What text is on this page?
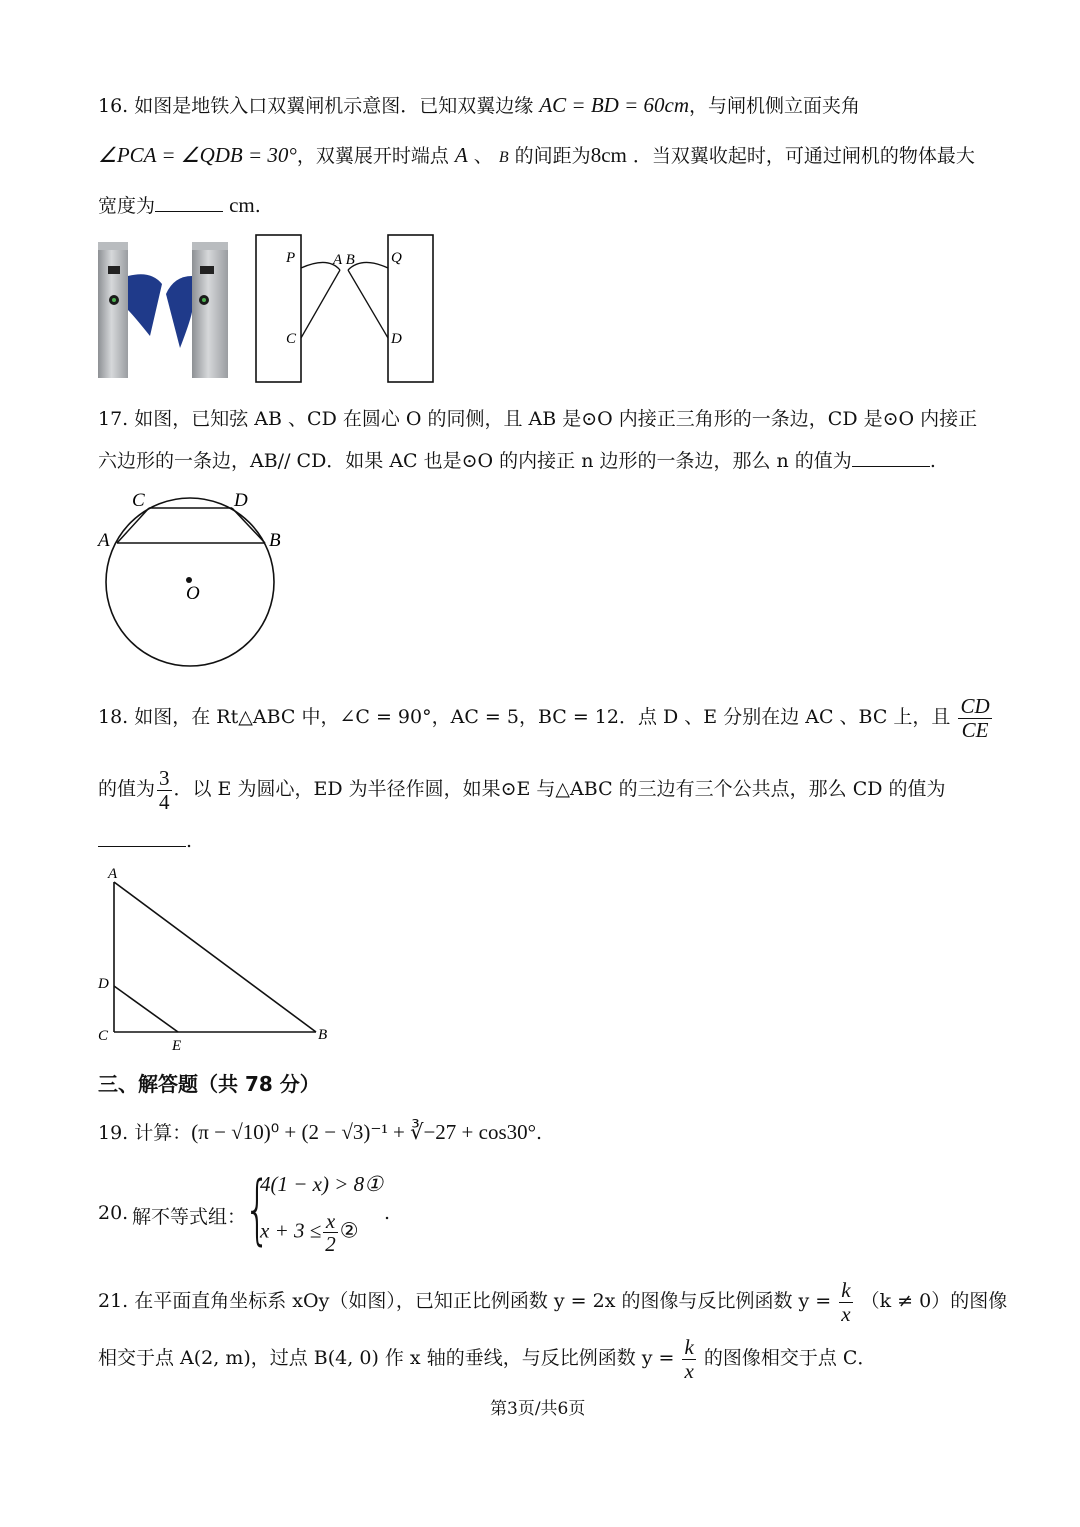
16. 如图是地铁入口双翼闸机示意图．已知双翼边缘 AC = BD = 60cm，与闸机侧立面夹角
∠PCA = ∠QDB = 30°，双翼展开时端点 A 、 B 的间距为8cm ．当双翼收起时，可通过闸机的物体最大
宽度为	cm.
P	A B Q
C	D
17. 如图，已知弦 AB 、CD 在圆心 O 的同侧，且 AB 是⊙O 内接正三角形的一条边，CD 是⊙O 内接正
六边形的一条边，AB// CD．如果 AC 也是⊙O 的内接正 n 边形的一条边，那么 n 的值为	.
C	D
A	B
O
18. 如图，在 Rt△ABC 中，∠C = 90°，AC = 5，BC = 12．点 D 、E 分别在边 AC 、BC 上，且 $\frac{CD}{CE}$
的值为 $\frac{3}{4}$ ．以 E 为圆心，ED 为半径作圆，如果⊙E 与△ABC 的三边有三个公共点，那么 CD 的值为
.
A
D
C
E
B
三、解答题（共 78 分）
19. 计算：(π − √10)⁰ + (2 − √3)⁻¹ + ∛−27 + cos30°.
20. 解不等式组：
{
4(1 − x) > 8①
$x + 3 \le \frac{x}{2}$ ②
.
21. 在平面直角坐标系 xOy（如图），已知正比例函数 y = 2x 的图像与反比例函数 $y = \frac{k}{x} (k \ne 0)$的图像
相交于点 A(2, m)，过点 B(4, 0) 作 x 轴的垂线，与反比例函数 $y = \frac{k}{x}$ 的图像相交于点 C．
第3页/共6页
